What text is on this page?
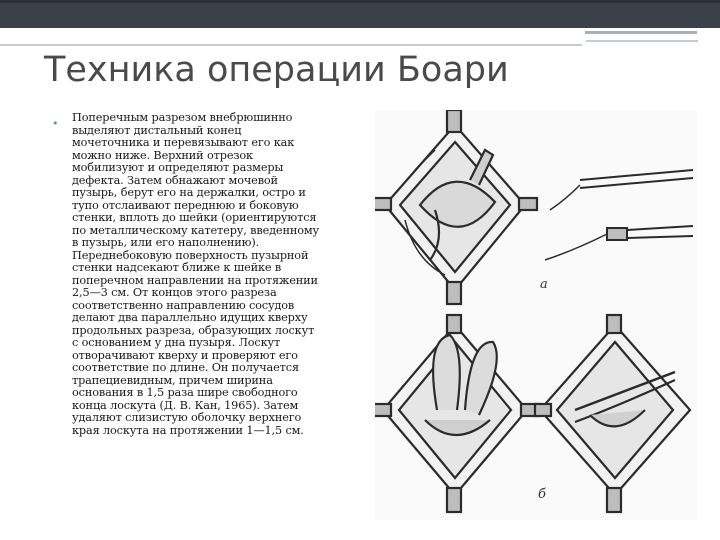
Техника операции Боари
• Поперечным разрезом внебрюшинно
выделяют дистальный конец
мочеточника и перевязывают его как
можно ниже. Верхний отрезок
мобилизуют и определяют размеры
дефекта. Затем обнажают мочевой
пузырь, берут его на держалки, остро и
тупо отслаивают переднюю и боковую
стенки, вплоть до шейки (ориентируются
по металлическому катетеру, введенному
в пузырь, или его наполнению).
Переднебоковую поверхность пузырной
стенки надсекают ближе к шейке в
поперечном направлении на протяжении
2,5—3 см. От концов этого разреза
соответственно направлению сосудов
делают два параллельно идущих кверху
продольных разреза, образующих лоскут
с основанием у дна пузыря. Лоскут
отворачивают кверху и проверяют его
соответствие по длине. Он получается
трапециевидным, причем ширина
основания в 1,5 раза шире свободного
конца лоскута (Д. В. Кан, 1965). Затем
удаляют слизистую оболочку верхнего
края лоскута на протяжении 1—1,5 см.
а
б
